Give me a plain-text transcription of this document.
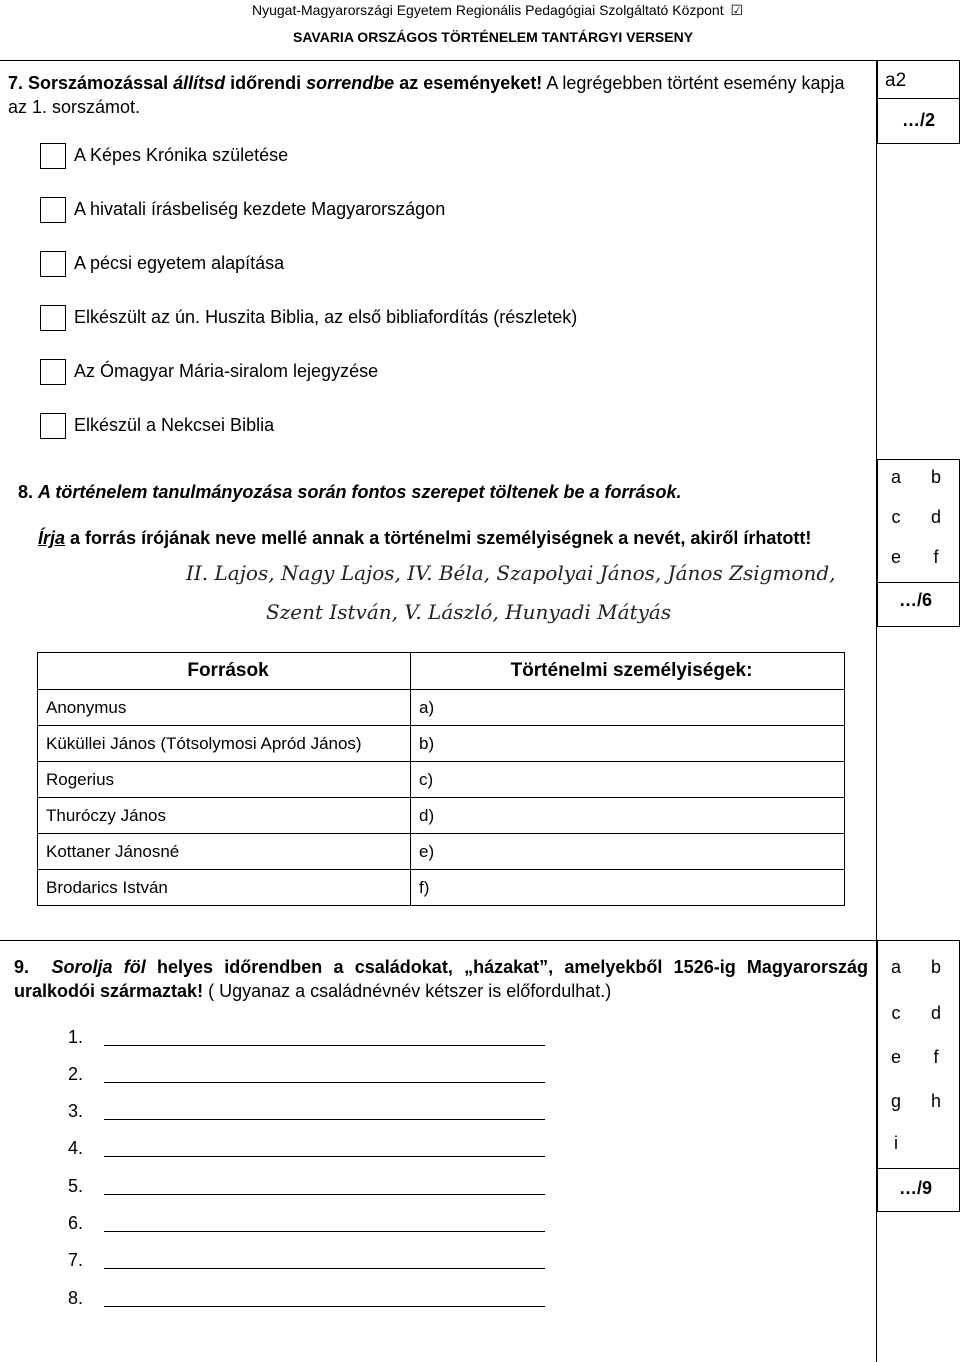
Nyugat-Magyarországi Egyetem Regionális Pedagógiai Szolgáltató Központ ☑
SAVARIA ORSZÁGOS TÖRTÉNELEM TANTÁRGYI VERSENY
7. Sorszámozással állítsd időrendi sorrendbe az eseményeket! A legrégebben történt esemény kapja az 1. sorszámot.
A Képes Krónika születése
A hivatali írásbeliség kezdete Magyarországon
A pécsi egyetem alapítása
Elkészült az ún. Huszita Biblia, az első bibliafordítás (részletek)
Az Ómagyar Mária-siralom lejegyzése
Elkészül a Nekcsei Biblia
a2
…/2
8. A történelem tanulmányozása során fontos szerepet töltenek be a források.
Írja a forrás írójának neve mellé annak a történelmi személyiségnek a nevét, akiről írhatott!
II. Lajos, Nagy Lajos, IV. Béla, Szapolyai János, János Zsigmond,
Szent István, V. László, Hunyadi Mátyás
a b
c	d
e	f
…/6
Források	Történelmi személyiségek:
Anonymus	a)
Küküllei János (Tótsolymosi Apród János)	b)
Rogerius	c)
Thuróczy János	d)
Kottaner Jánosné	e)
Brodarics István	f)
9. Sorolja föl helyes időrendben a családokat, „házakat”, amelyekből 1526-ig Magyarország uralkodói származtak! ( Ugyanaz a családnévnév kétszer is előfordulhat.)
1.
2.
3.
4.
5.
6.
7.
8.
a b
c	d
e	f
g h
i
…/9
